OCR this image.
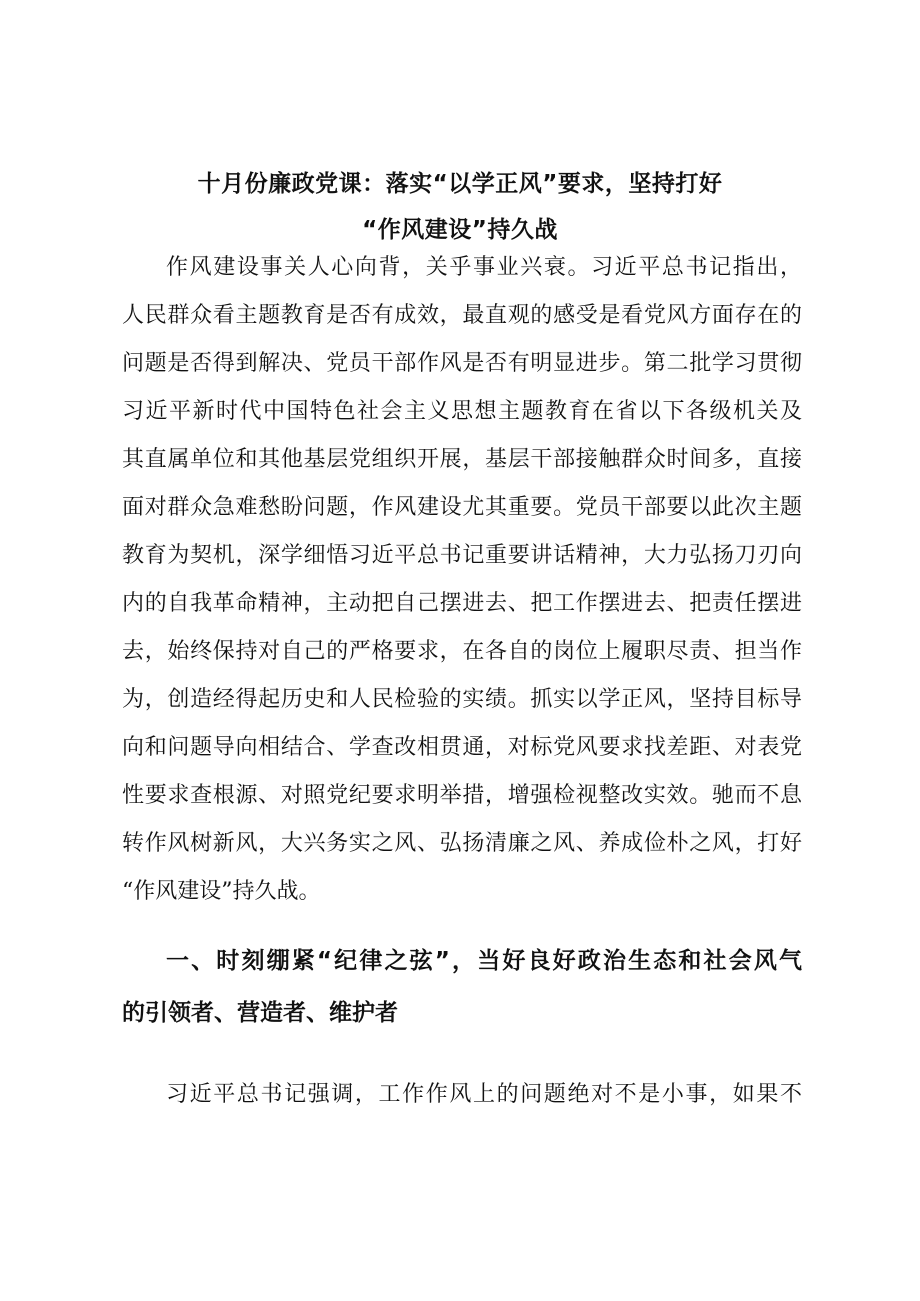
十月份廉政党课：落实“以学正风”要求，坚持打好
“作风建设”持久战
作风建设事关人心向背，关乎事业兴衰。习近平总书记指出，
人民群众看主题教育是否有成效，最直观的感受是看党风方面存在的
问题是否得到解决、党员干部作风是否有明显进步。第二批学习贯彻
习近平新时代中国特色社会主义思想主题教育在省以下各级机关及
其直属单位和其他基层党组织开展，基层干部接触群众时间多，直接
面对群众急难愁盼问题，作风建设尤其重要。党员干部要以此次主题
教育为契机，深学细悟习近平总书记重要讲话精神，大力弘扬刀刃向
内的自我革命精神，主动把自己摆进去、把工作摆进去、把责任摆进
去，始终保持对自己的严格要求，在各自的岗位上履职尽责、担当作
为，创造经得起历史和人民检验的实绩。抓实以学正风，坚持目标导
向和问题导向相结合、学查改相贯通，对标党风要求找差距、对表党
性要求查根源、对照党纪要求明举措，增强检视整改实效。驰而不息
转作风树新风，大兴务实之风、弘扬清廉之风、养成俭朴之风，打好
“作风建设”持久战。
一、时刻绷紧“纪律之弦”，当好良好政治生态和社会风气
的引领者、营造者、维护者
习近平总书记强调，工作作风上的问题绝对不是小事，如果不
